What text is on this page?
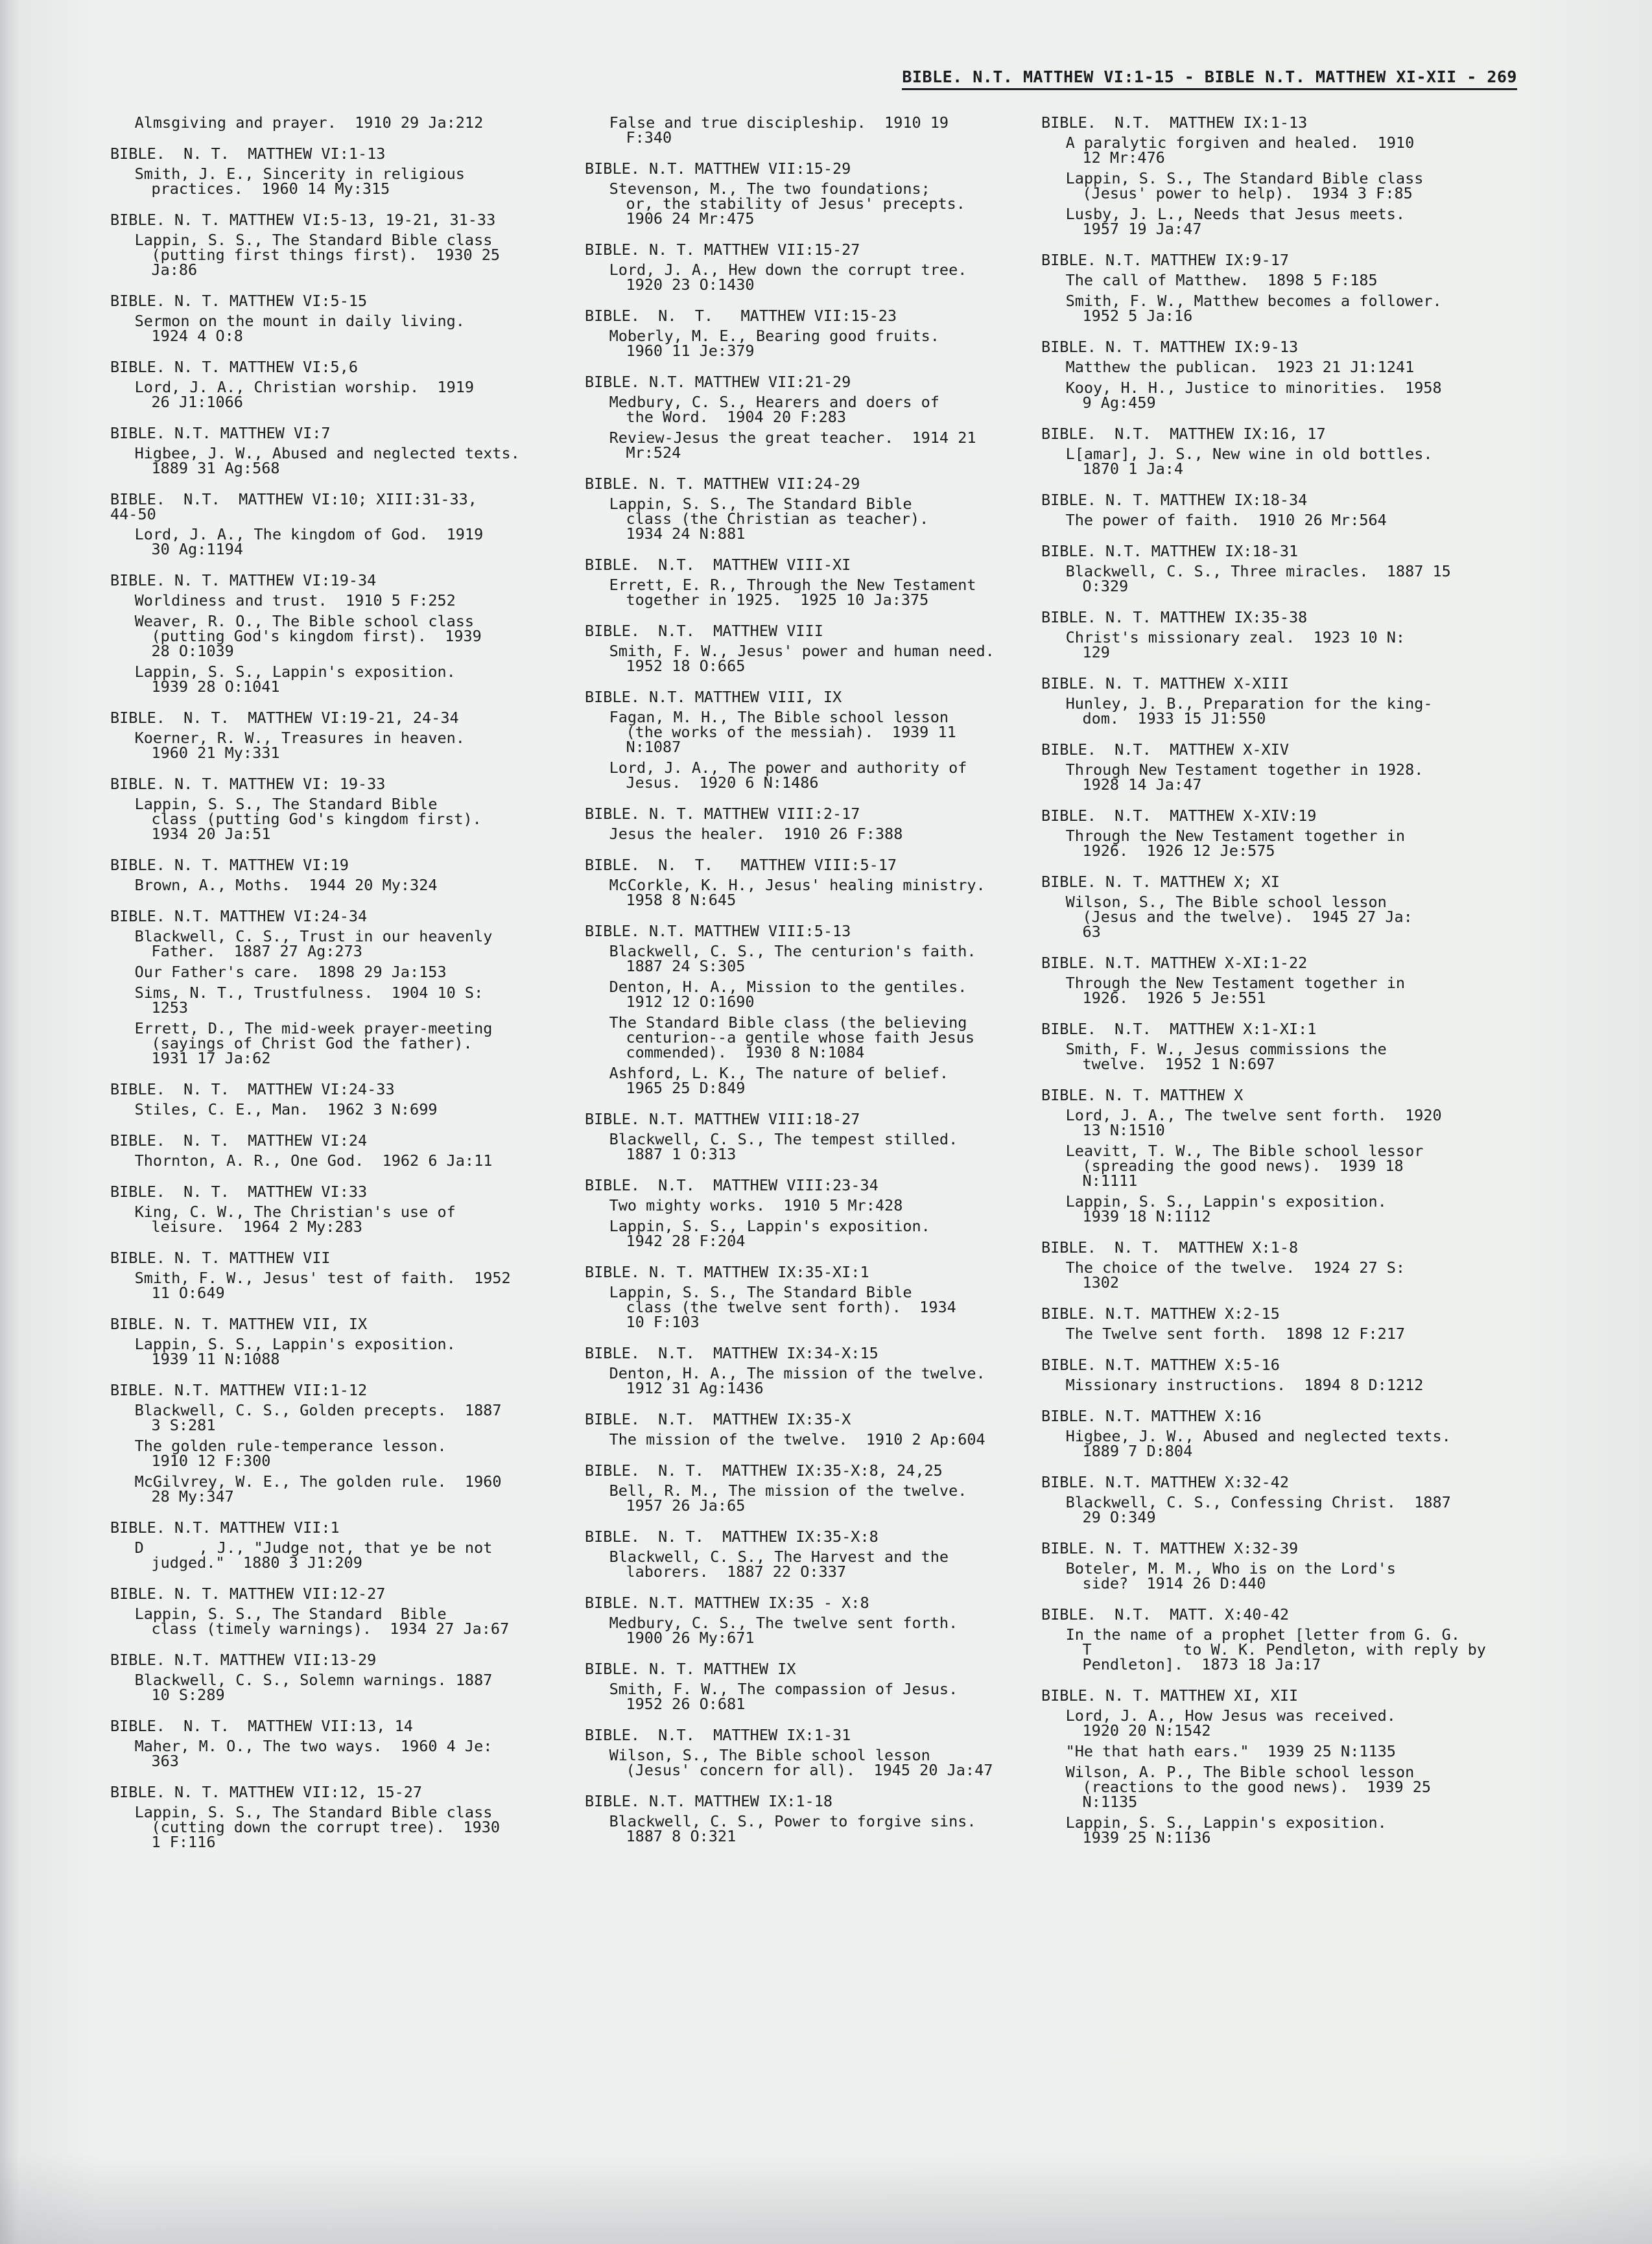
BIBLE. N.T. MATTHEW VI:1-15 - BIBLE N.T. MATTHEW XI-XII - 269
Almsgiving and prayer.  1910 29 Ja:212
BIBLE.  N. T.  MATTHEW VI:1-13
Smith, J. E., Sincerity in religious

practices.  1960 14 My:315
BIBLE. N. T. MATTHEW VI:5-13, 19-21, 31-33
Lappin, S. S., The Standard Bible class

(putting first things first).  1930 25
Ja:86
BIBLE. N. T. MATTHEW VI:5-15
Sermon on the mount in daily living.

1924 4 O:8
BIBLE. N. T. MATTHEW VI:5,6
Lord, J. A., Christian worship.  1919

26 J1:1066
BIBLE. N.T. MATTHEW VI:7
Higbee, J. W., Abused and neglected texts.

1889 31 Ag:568
BIBLE.  N.T.  MATTHEW VI:10; XIII:31-33,
44-50
Lord, J. A., The kingdom of God.  1919

30 Ag:1194
BIBLE. N. T. MATTHEW VI:19-34
Worldiness and trust.  1910 5 F:252
Weaver, R. O., The Bible school class

(putting God's kingdom first).  1939
28 O:1039
Lappin, S. S., Lappin's exposition.

1939 28 O:1041
BIBLE.  N. T.  MATTHEW VI:19-21, 24-34
Koerner, R. W., Treasures in heaven.

1960 21 My:331
BIBLE. N. T. MATTHEW VI: 19-33
Lappin, S. S., The Standard Bible

class (putting God's kingdom first).
1934 20 Ja:51
BIBLE. N. T. MATTHEW VI:19
Brown, A., Moths.  1944 20 My:324
BIBLE. N.T. MATTHEW VI:24-34
Blackwell, C. S., Trust in our heavenly

Father.  1887 27 Ag:273
Our Father's care.  1898 29 Ja:153
Sims, N. T., Trustfulness.  1904 10 S:

1253
Errett, D., The mid-week prayer-meeting

(sayings of Christ God the father).
1931 17 Ja:62
BIBLE.  N. T.  MATTHEW VI:24-33
Stiles, C. E., Man.  1962 3 N:699
BIBLE.  N. T.  MATTHEW VI:24
Thornton, A. R., One God.  1962 6 Ja:11
BIBLE.  N. T.  MATTHEW VI:33
King, C. W., The Christian's use of

leisure.  1964 2 My:283
BIBLE. N. T. MATTHEW VII
Smith, F. W., Jesus' test of faith.  1952

11 O:649
BIBLE. N. T. MATTHEW VII, IX
Lappin, S. S., Lappin's exposition.

1939 11 N:1088
BIBLE. N.T. MATTHEW VII:1-12
Blackwell, C. S., Golden precepts.  1887

3 S:281
The golden rule-temperance lesson.

1910 12 F:300
McGilvrey, W. E., The golden rule.  1960

28 My:347
BIBLE. N.T. MATTHEW VII:1
D      , J., "Judge not, that ye be not

judged."  1880 3 J1:209
BIBLE. N. T. MATTHEW VII:12-27
Lappin, S. S., The Standard  Bible

class (timely warnings).  1934 27 Ja:67
BIBLE. N.T. MATTHEW VII:13-29
Blackwell, C. S., Solemn warnings. 1887

10 S:289
BIBLE.  N. T.  MATTHEW VII:13, 14
Maher, M. O., The two ways.  1960 4 Je:

363
BIBLE. N. T. MATTHEW VII:12, 15-27
Lappin, S. S., The Standard Bible class

(cutting down the corrupt tree).  1930
1 F:116
False and true discipleship.  1910 19

F:340
BIBLE. N.T. MATTHEW VII:15-29
Stevenson, M., The two foundations;

or, the stability of Jesus' precepts.
1906 24 Mr:475
BIBLE. N. T. MATTHEW VII:15-27
Lord, J. A., Hew down the corrupt tree.

1920 23 O:1430
BIBLE.  N.  T.   MATTHEW VII:15-23
Moberly, M. E., Bearing good fruits.

1960 11 Je:379
BIBLE. N.T. MATTHEW VII:21-29
Medbury, C. S., Hearers and doers of

the Word.  1904 20 F:283
Review-Jesus the great teacher.  1914 21

Mr:524
BIBLE. N. T. MATTHEW VII:24-29
Lappin, S. S., The Standard Bible

class (the Christian as teacher).
1934 24 N:881
BIBLE.  N.T.  MATTHEW VIII-XI
Errett, E. R., Through the New Testament

together in 1925.  1925 10 Ja:375
BIBLE.  N.T.  MATTHEW VIII
Smith, F. W., Jesus' power and human need.

1952 18 O:665
BIBLE. N.T. MATTHEW VIII, IX
Fagan, M. H., The Bible school lesson

(the works of the messiah).  1939 11
N:1087
Lord, J. A., The power and authority of

Jesus.  1920 6 N:1486
BIBLE. N. T. MATTHEW VIII:2-17
Jesus the healer.  1910 26 F:388
BIBLE.  N.  T.   MATTHEW VIII:5-17
McCorkle, K. H., Jesus' healing ministry.

1958 8 N:645
BIBLE. N.T. MATTHEW VIII:5-13
Blackwell, C. S., The centurion's faith.

1887 24 S:305
Denton, H. A., Mission to the gentiles.

1912 12 O:1690
The Standard Bible class (the believing

centurion--a gentile whose faith Jesus
commended).  1930 8 N:1084
Ashford, L. K., The nature of belief.

1965 25 D:849
BIBLE. N.T. MATTHEW VIII:18-27
Blackwell, C. S., The tempest stilled.

1887 1 O:313
BIBLE.  N.T.  MATTHEW VIII:23-34
Two mighty works.  1910 5 Mr:428
Lappin, S. S., Lappin's exposition.

1942 28 F:204
BIBLE. N. T. MATTHEW IX:35-XI:1
Lappin, S. S., The Standard Bible

class (the twelve sent forth).  1934
10 F:103
BIBLE.  N.T.  MATTHEW IX:34-X:15
Denton, H. A., The mission of the twelve.

1912 31 Ag:1436
BIBLE.  N.T.  MATTHEW IX:35-X
The mission of the twelve.  1910 2 Ap:604
BIBLE.  N. T.  MATTHEW IX:35-X:8, 24,25
Bell, R. M., The mission of the twelve.

1957 26 Ja:65
BIBLE.  N. T.  MATTHEW IX:35-X:8
Blackwell, C. S., The Harvest and the

laborers.  1887 22 O:337
BIBLE. N.T. MATTHEW IX:35 - X:8
Medbury, C. S., The twelve sent forth.

1900 26 My:671
BIBLE. N. T. MATTHEW IX
Smith, F. W., The compassion of Jesus.

1952 26 O:681
BIBLE.  N.T.  MATTHEW IX:1-31
Wilson, S., The Bible school lesson

(Jesus' concern for all).  1945 20 Ja:47
BIBLE. N.T. MATTHEW IX:1-18
Blackwell, C. S., Power to forgive sins.

1887 8 O:321
BIBLE.  N.T.  MATTHEW IX:1-13
A paralytic forgiven and healed.  1910

12 Mr:476
Lappin, S. S., The Standard Bible class

(Jesus' power to help).  1934 3 F:85
Lusby, J. L., Needs that Jesus meets.

1957 19 Ja:47
BIBLE. N.T. MATTHEW IX:9-17
The call of Matthew.  1898 5 F:185
Smith, F. W., Matthew becomes a follower.

1952 5 Ja:16
BIBLE. N. T. MATTHEW IX:9-13
Matthew the publican.  1923 21 J1:1241
Kooy, H. H., Justice to minorities.  1958

9 Ag:459
BIBLE.  N.T.  MATTHEW IX:16, 17
L[amar], J. S., New wine in old bottles.

1870 1 Ja:4
BIBLE. N. T. MATTHEW IX:18-34
The power of faith.  1910 26 Mr:564
BIBLE. N.T. MATTHEW IX:18-31
Blackwell, C. S., Three miracles.  1887 15

O:329
BIBLE. N. T. MATTHEW IX:35-38
Christ's missionary zeal.  1923 10 N:

129
BIBLE. N. T. MATTHEW X-XIII
Hunley, J. B., Preparation for the king-

dom.  1933 15 J1:550
BIBLE.  N.T.  MATTHEW X-XIV
Through New Testament together in 1928.

1928 14 Ja:47
BIBLE.  N.T.  MATTHEW X-XIV:19
Through the New Testament together in

1926.  1926 12 Je:575
BIBLE. N. T. MATTHEW X; XI
Wilson, S., The Bible school lesson

(Jesus and the twelve).  1945 27 Ja:
63
BIBLE. N.T. MATTHEW X-XI:1-22
Through the New Testament together in

1926.  1926 5 Je:551
BIBLE.  N.T.  MATTHEW X:1-XI:1
Smith, F. W., Jesus commissions the

twelve.  1952 1 N:697
BIBLE. N. T. MATTHEW X
Lord, J. A., The twelve sent forth.  1920

13 N:1510
Leavitt, T. W., The Bible school lessor

(spreading the good news).  1939 18
N:1111
Lappin, S. S., Lappin's exposition.

1939 18 N:1112
BIBLE.  N. T.  MATTHEW X:1-8
The choice of the twelve.  1924 27 S:

1302
BIBLE. N.T. MATTHEW X:2-15
The Twelve sent forth.  1898 12 F:217
BIBLE. N.T. MATTHEW X:5-16
Missionary instructions.  1894 8 D:1212
BIBLE. N.T. MATTHEW X:16
Higbee, J. W., Abused and neglected texts.

1889 7 D:804
BIBLE. N.T. MATTHEW X:32-42
Blackwell, C. S., Confessing Christ.  1887

29 O:349
BIBLE. N. T. MATTHEW X:32-39
Boteler, M. M., Who is on the Lord's

side?  1914 26 D:440
BIBLE.  N.T.  MATT. X:40-42
In the name of a prophet [letter from G. G.

T          to W. K. Pendleton, with reply by
Pendleton].  1873 18 Ja:17
BIBLE. N. T. MATTHEW XI, XII
Lord, J. A., How Jesus was received.

1920 20 N:1542
"He that hath ears."  1939 25 N:1135
Wilson, A. P., The Bible school lesson

(reactions to the good news).  1939 25
N:1135
Lappin, S. S., Lappin's exposition.

1939 25 N:1136
